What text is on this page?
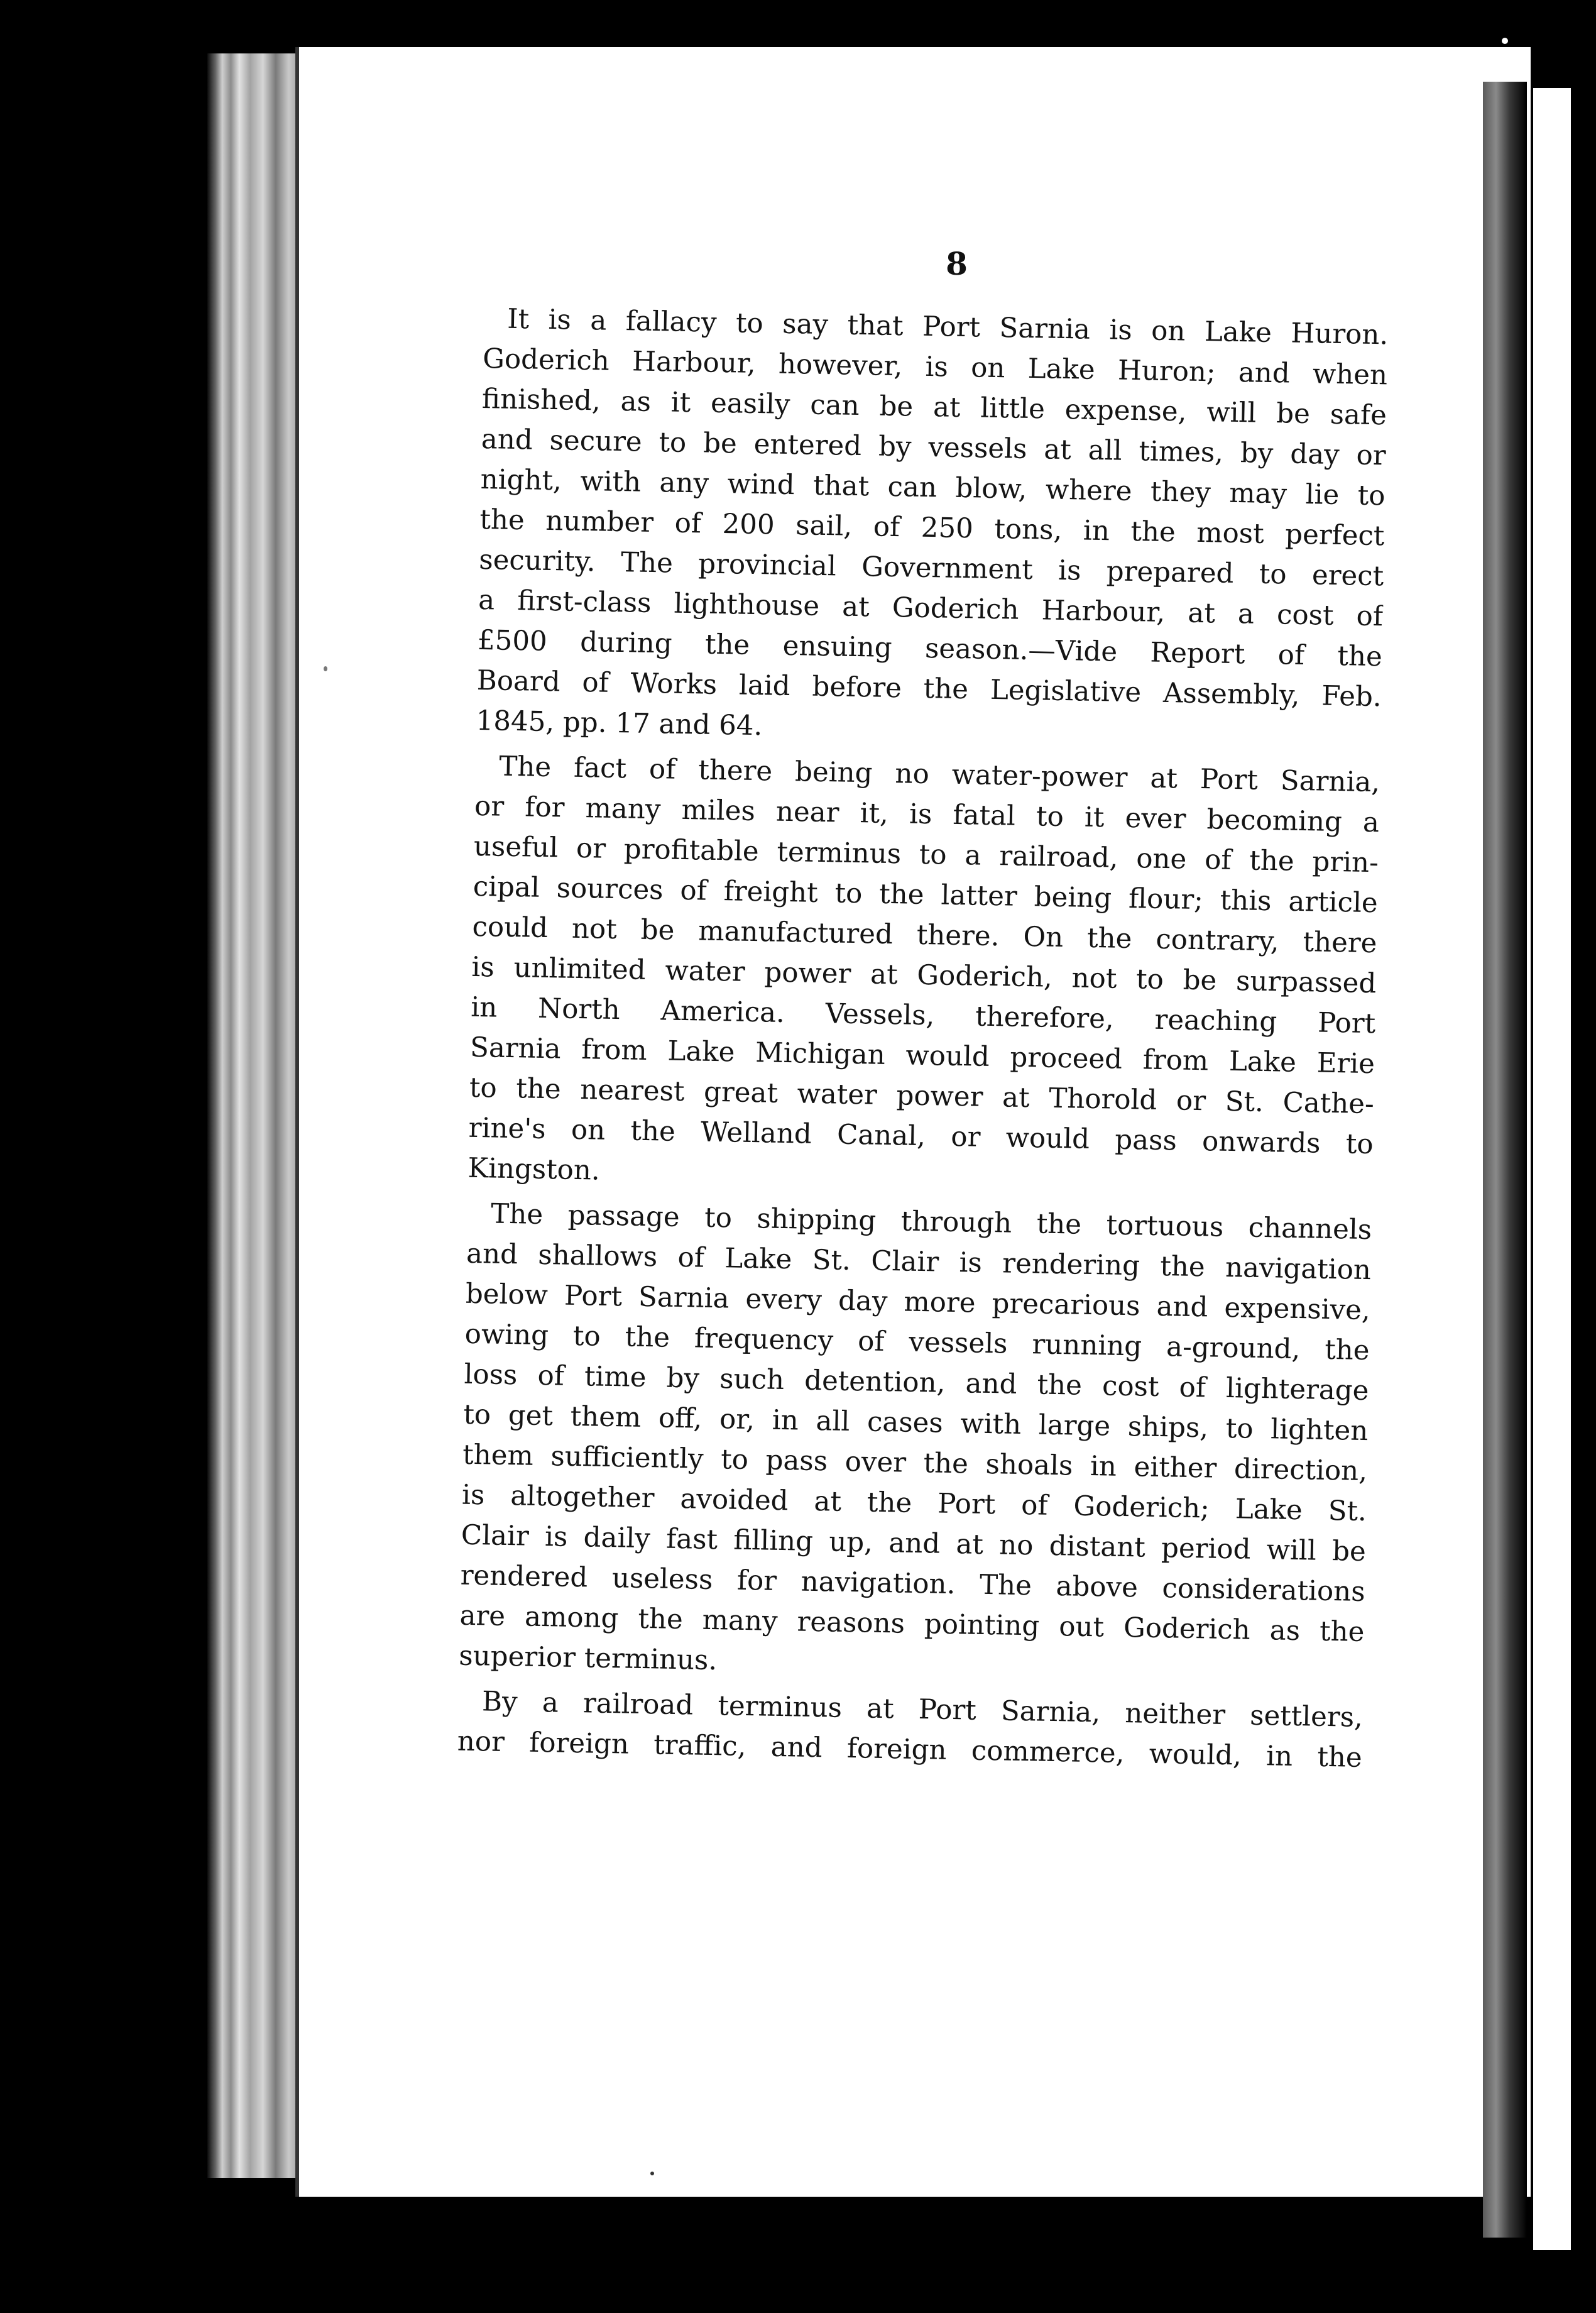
8
It is a fallacy to say that Port Sarnia is on Lake Huron.
Goderich Harbour, however, is on Lake Huron; and when
finished, as it easily can be at little expense, will be safe
and secure to be entered by vessels at all times, by day or
night, with any wind that can blow, where they may lie to
the number of 200 sail, of 250 tons, in the most perfect
security. The provincial Government is prepared to erect
a first-class lighthouse at Goderich Harbour, at a cost of
£500 during the ensuing season.—Vide Report of the
Board of Works laid before the Legislative Assembly, Feb.
1845, pp. 17 and 64.
The fact of there being no water-power at Port Sarnia,
or for many miles near it, is fatal to it ever becoming a
useful or profitable terminus to a railroad, one of the prin-
cipal sources of freight to the latter being flour; this article
could not be manufactured there. On the contrary, there
is unlimited water power at Goderich, not to be surpassed
in North America. Vessels, therefore, reaching Port
Sarnia from Lake Michigan would proceed from Lake Erie
to the nearest great water power at Thorold or St. Cathe-
rine's on the Welland Canal, or would pass onwards to
Kingston.
The passage to shipping through the tortuous channels
and shallows of Lake St. Clair is rendering the navigation
below Port Sarnia every day more precarious and expensive,
owing to the frequency of vessels running a-ground, the
loss of time by such detention, and the cost of lighterage
to get them off, or, in all cases with large ships, to lighten
them sufficiently to pass over the shoals in either direction,
is altogether avoided at the Port of Goderich; Lake St.
Clair is daily fast filling up, and at no distant period will be
rendered useless for navigation. The above considerations
are among the many reasons pointing out Goderich as the
superior terminus.
By a railroad terminus at Port Sarnia, neither settlers,
nor foreign traffic, and foreign commerce, would, in the
